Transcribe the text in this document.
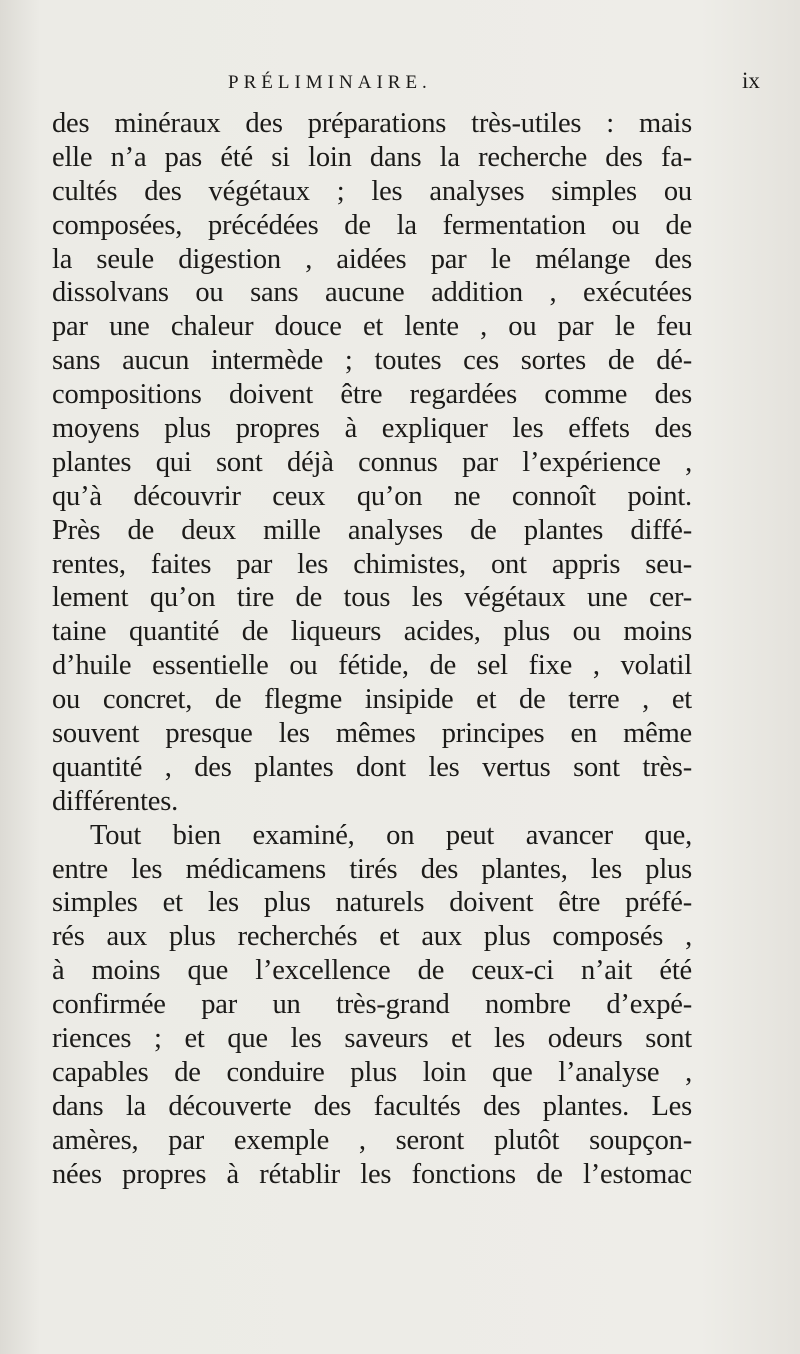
PRÉLIMINAIRE.	ix
des minéraux des préparations très-utiles : mais
elle n’a pas été si loin dans la recherche des fa-
cultés des végétaux ; les analyses simples ou
composées, précédées de la fermentation ou de
la seule digestion , aidées par le mélange des
dissolvans ou sans aucune addition , exécutées
par une chaleur douce et lente , ou par le feu
sans aucun intermède ; toutes ces sortes de dé-
compositions doivent être regardées comme des
moyens plus propres à expliquer les effets des
plantes qui sont déjà connus par l’expérience ,
qu’à découvrir ceux qu’on ne connoît point.
Près de deux mille analyses de plantes diffé-
rentes, faites par les chimistes, ont appris seu-
lement qu’on tire de tous les végétaux une cer-
taine quantité de liqueurs acides, plus ou moins
d’huile essentielle ou fétide, de sel fixe , volatil
ou concret, de flegme insipide et de terre , et
souvent presque les mêmes principes en même
quantité , des plantes dont les vertus sont très-
différentes.
Tout bien examiné, on peut avancer que,
entre les médicamens tirés des plantes, les plus
simples et les plus naturels doivent être préfé-
rés aux plus recherchés et aux plus composés ,
à moins que l’excellence de ceux-ci n’ait été
confirmée par un très-grand nombre d’expé-
riences ; et que les saveurs et les odeurs sont
capables de conduire plus loin que l’analyse ,
dans la découverte des facultés des plantes. Les
amères, par exemple , seront plutôt soupçon-
nées propres à rétablir les fonctions de l’estomac
